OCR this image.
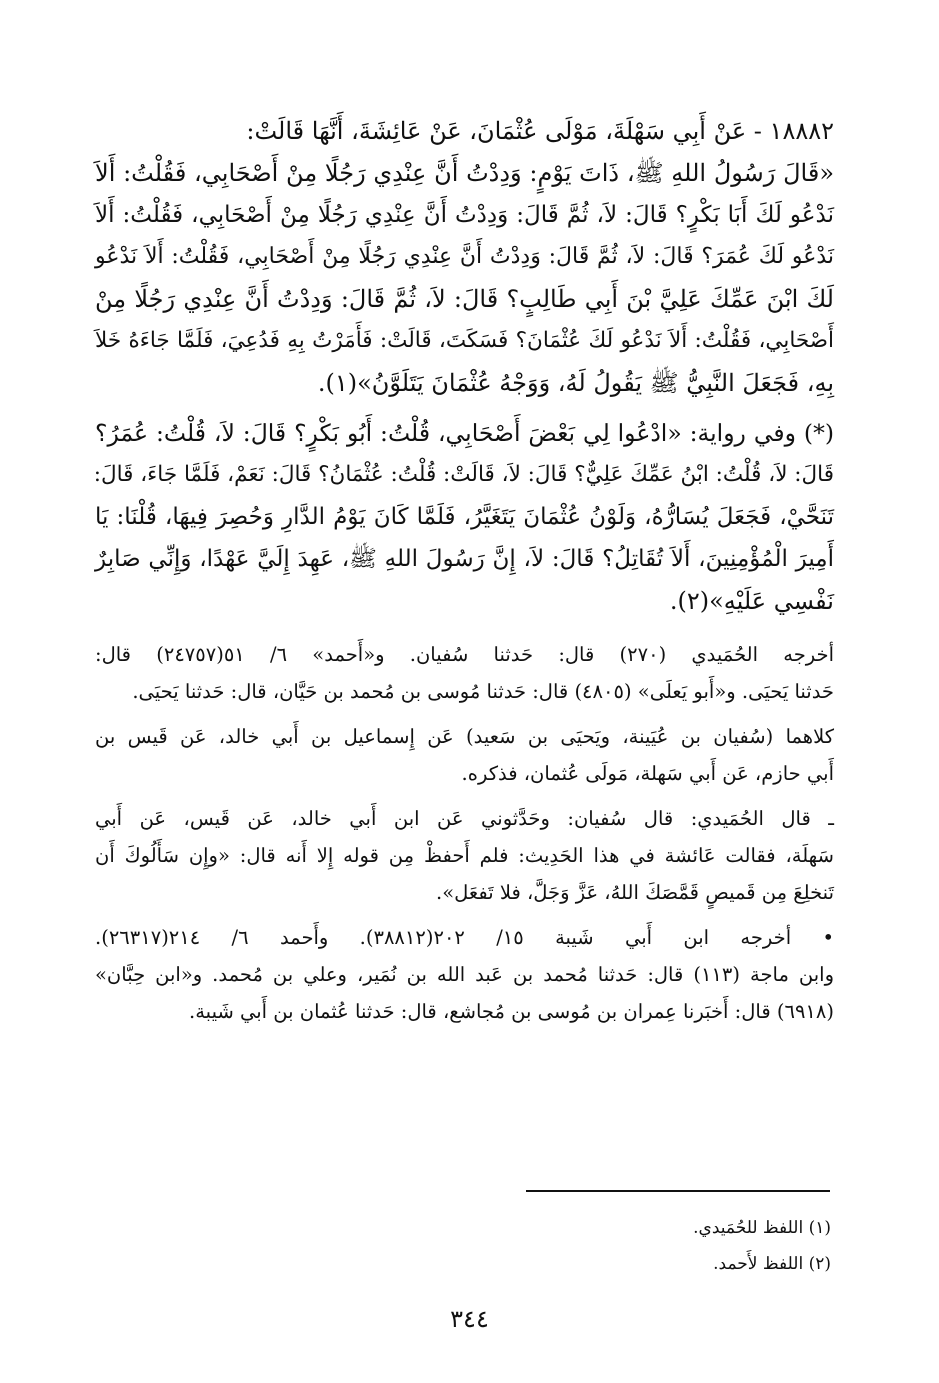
١٨٨٨٢ - عَنْ أَبِي سَهْلَةَ، مَوْلَى عُثْمَانَ، عَنْ عَائِشَةَ، أَنَّهَا قَالَتْ:

«قَالَ رَسُولُ اللهِ ﷺ، ذَاتَ يَوْمٍ: وَدِدْتُ أَنَّ عِنْدِي رَجُلًا مِنْ أَصْحَابِي، فَقُلْتُ: أَلاَ

نَدْعُو لَكَ أَبَا بَكْرٍ؟ قَالَ: لاَ، ثُمَّ قَالَ: وَدِدْتُ أَنَّ عِنْدِي رَجُلًا مِنْ أَصْحَابِي، فَقُلْتُ: أَلاَ

نَدْعُو لَكَ عُمَرَ؟ قَالَ: لاَ، ثُمَّ قَالَ: وَدِدْتُ أَنَّ عِنْدِي رَجُلًا مِنْ أَصْحَابِي، فَقُلْتُ: أَلاَ نَدْعُو

لَكَ ابْنَ عَمِّكَ عَلِيَّ بْنَ أَبِي طَالِبٍ؟ قَالَ: لاَ، ثُمَّ قَالَ: وَدِدْتُ أَنَّ عِنْدِي رَجُلًا مِنْ

أَصْحَابِي، فَقُلْتُ: أَلاَ نَدْعُو لَكَ عُثْمَانَ؟ فَسَكَتَ، قَالَتْ: فَأَمَرْتُ بِهِ فَدُعِيَ، فَلَمَّا جَاءَهُ خَلاَ

بِهِ، فَجَعَلَ النَّبِيُّ ﷺ يَقُولُ لَهُ، وَوَجْهُ عُثْمَانَ يَتَلَوَّنُ»(١).

(*) وفي رواية: «ادْعُوا لِي بَعْضَ أَصْحَابِي، قُلْتُ: أَبُو بَكْرٍ؟ قَالَ: لاَ، قُلْتُ: عُمَرُ؟

قَالَ: لاَ، قُلْتُ: ابْنُ عَمِّكَ عَلِيٌّ؟ قَالَ: لاَ، قَالَتْ: قُلْتُ: عُثْمَانُ؟ قَالَ: نَعَمْ، فَلَمَّا جَاءَ، قَالَ:

تَنَحَّيْ، فَجَعَلَ يُسَارُّهُ، وَلَوْنُ عُثْمَانَ يَتَغَيَّرُ، فَلَمَّا كَانَ يَوْمُ الدَّارِ وَحُصِرَ فِيهَا، قُلْنَا: يَا

أَمِيرَ الْمُؤْمِنِينَ، أَلاَ تُقَاتِلُ؟ قَالَ: لاَ، إِنَّ رَسُولَ اللهِ ﷺ، عَهِدَ إِلَيَّ عَهْدًا، وَإِنِّي صَابِرٌ

نَفْسِي عَلَيْهِ»(٢).

أخرجه الحُمَيدي (٢٧٠) قال: حَدثنا سُفيان. و«أَحمد» ٦/ ٥١(٢٤٧٥٧) قال:

حَدثنا يَحيَى. و«أَبو يَعلَى» (٤٨٠٥) قال: حَدثنا مُوسى بن مُحمد بن حَيَّان، قال: حَدثنا يَحيَى.

كلاهما (سُفيان بن عُيَينة، ويَحيَى بن سَعيد) عَن إِسماعيل بن أَبي خالد، عَن قَيس بن

أَبي حازم، عَن أَبي سَهلة، مَولَى عُثمان، فذكره.

ـ قال الحُمَيدي: قال سُفيان: وحَدَّثوني عَن ابن أَبي خالد، عَن قَيس، عَن أَبي

سَهلَة، فقالت عَائشة في هذا الحَدِيث: فلم أَحفظْ مِن قوله إِلا أَنه قال: «وإِن سَأَلُوكَ أَن

تَنخلِعَ مِن قَميصٍ قَمَّصَكَ اللهُ، عَزَّ وَجَلَّ، فلا تَفعَل».

• أخرجه ابن أَبي شَيبة ١٥/ ٢٠٢(٣٨٨١٢). وأَحمد ٦/ ٢١٤(٢٦٣١٧).

وابن ماجة (١١٣) قال: حَدثنا مُحمد بن عَبد الله بن نُمَير، وعلي بن مُحمد. و«ابن حِبَّان»

(٦٩١٨) قال: أَخبَرنا عِمران بن مُوسى بن مُجاشع، قال: حَدثنا عُثمان بن أَبي شَيبة.

(١) اللفظ للحُمَيدي.
(٢) اللفظ لأَحمد.
٣٤٤
